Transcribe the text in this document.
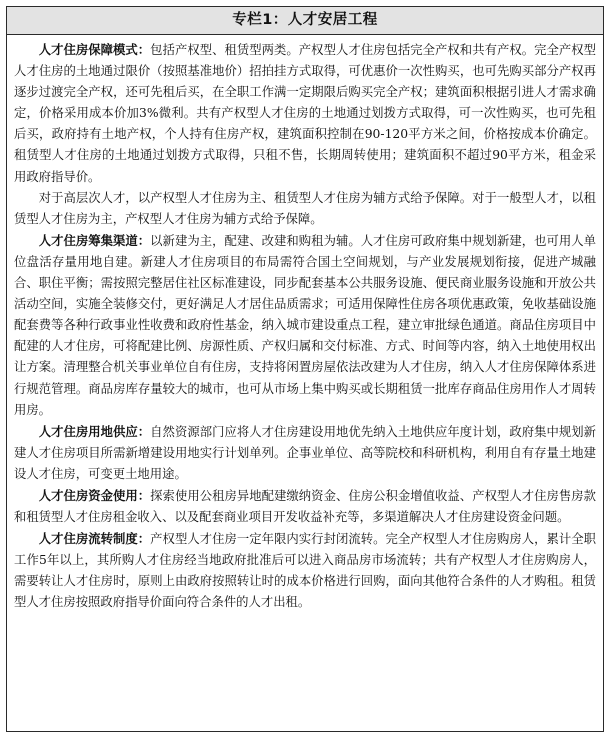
专栏1：人才安居工程

人才住房保障模式：包括产权型、租赁型两类。产权型人才住房包括完全产权和共有产权。完全产权型人才住房的土地通过限价（按照基准地价）招拍挂方式取得，可优惠价一次性购买，也可先购买部分产权再逐步过渡完全产权，还可先租后买，在全职工作满一定期限后购买完全产权；建筑面积根据引进人才需求确定，价格采用成本价加3%微利。共有产权型人才住房的土地通过划拨方式取得，可一次性购买，也可先租后买，政府持有土地产权，个人持有住房产权，建筑面积控制在90-120平方米之间，价格按成本价确定。租赁型人才住房的土地通过划拨方式取得，只租不售，长期周转使用；建筑面积不超过90平方米，租金采用政府指导价。

对于高层次人才，以产权型人才住房为主、租赁型人才住房为辅方式给予保障。对于一般型人才，以租赁型人才住房为主，产权型人才住房为辅方式给予保障。

人才住房筹集渠道：以新建为主，配建、改建和购租为辅。人才住房可政府集中规划新建，也可用人单位盘活存量用地自建。新建人才住房项目的布局需符合国土空间规划，与产业发展规划衔接，促进产城融合、职住平衡；需按照完整居住社区标准建设，同步配套基本公共服务设施、便民商业服务设施和开放公共活动空间，实施全装修交付，更好满足人才居住品质需求；可适用保障性住房各项优惠政策，免收基础设施配套费等各种行政事业性收费和政府性基金，纳入城市建设重点工程，建立审批绿色通道。商品住房项目中配建的人才住房，可将配建比例、房源性质、产权归属和交付标准、方式、时间等内容，纳入土地使用权出让方案。清理整合机关事业单位自有住房，支持将闲置房屋依法改建为人才住房，纳入人才住房保障体系进行规范管理。商品房库存量较大的城市，也可从市场上集中购买或长期租赁一批库存商品住房用作人才周转用房。

人才住房用地供应：自然资源部门应将人才住房建设用地优先纳入土地供应年度计划，政府集中规划新建人才住房项目所需新增建设用地实行计划单列。企事业单位、高等院校和科研机构，利用自有存量土地建设人才住房，可变更土地用途。

人才住房资金使用：探索使用公租房异地配建缴纳资金、住房公积金增值收益、产权型人才住房售房款和租赁型人才住房租金收入、以及配套商业项目开发收益补充等，多渠道解决人才住房建设资金问题。

人才住房流转制度：产权型人才住房一定年限内实行封闭流转。完全产权型人才住房购房人，累计全职工作5年以上，其所购人才住房经当地政府批准后可以进入商品房市场流转；共有产权型人才住房购房人，需要转让人才住房时，原则上由政府按照转让时的成本价格进行回购，面向其他符合条件的人才购租。租赁型人才住房按照政府指导价面向符合条件的人才出租。
